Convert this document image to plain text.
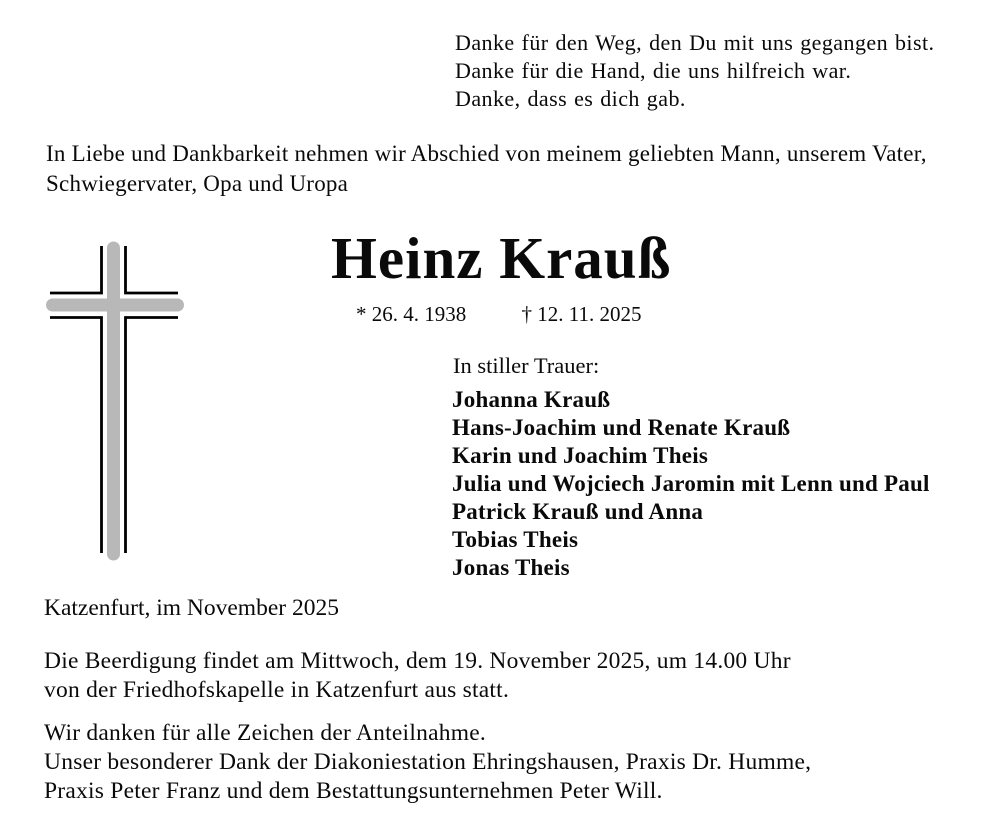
Danke für den Weg, den Du mit uns gegangen bist.
Danke für die Hand, die uns hilfreich war.
Danke, dass es dich gab.
In Liebe und Dankbarkeit nehmen wir Abschied von meinem geliebten Mann, unserem Vater,
Schwiegervater, Opa und Uropa
Heinz Krauß
* 26. 4. 1938	† 12. 11. 2025
In stiller Trauer:
Johanna Krauß
Hans-Joachim und Renate Krauß
Karin und Joachim Theis
Julia und Wojciech Jaromin mit Lenn und Paul
Patrick Krauß und Anna
Tobias Theis
Jonas Theis
Katzenfurt, im November 2025
Die Beerdigung findet am Mittwoch, dem 19. November 2025, um 14.00 Uhr
von der Friedhofskapelle in Katzenfurt aus statt.
Wir danken für alle Zeichen der Anteilnahme.
Unser besonderer Dank der Diakoniestation Ehringshausen, Praxis Dr. Humme,
Praxis Peter Franz und dem Bestattungsunternehmen Peter Will.
